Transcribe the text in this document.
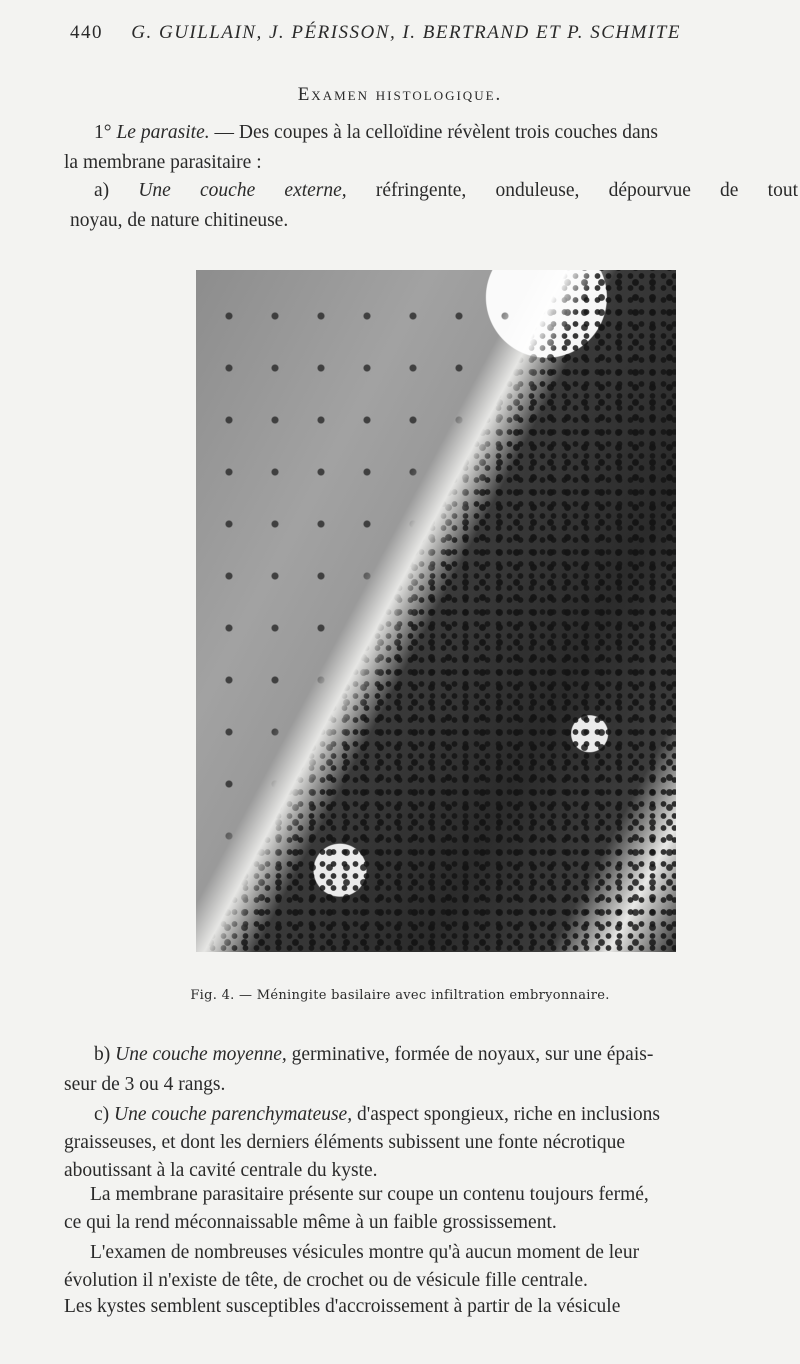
440 G. GUILLAIN, J. PÉRISSON, I. BERTRAND ET P. SCHMITE
Examen histologique.
1° Le parasite. — Des coupes à la celloïdine révèlent trois couches dans
la membrane parasitaire :
a) Une couche externe, réfringente, onduleuse, dépourvue de tout
noyau, de nature chitineuse.
Fig. 4. — Méningite basilaire avec infiltration embryonnaire.
b) Une couche moyenne, germinative, formée de noyaux, sur une épais-
seur de 3 ou 4 rangs.
c) Une couche parenchymateuse, d'aspect spongieux, riche en inclusions
graisseuses, et dont les derniers éléments subissent une fonte nécrotique
aboutissant à la cavité centrale du kyste.
La membrane parasitaire présente sur coupe un contenu toujours fermé,
ce qui la rend méconnaissable même à un faible grossissement.
L'examen de nombreuses vésicules montre qu'à aucun moment de leur
évolution il n'existe de tête, de crochet ou de vésicule fille centrale.
Les kystes semblent susceptibles d'accroissement à partir de la vésicule
